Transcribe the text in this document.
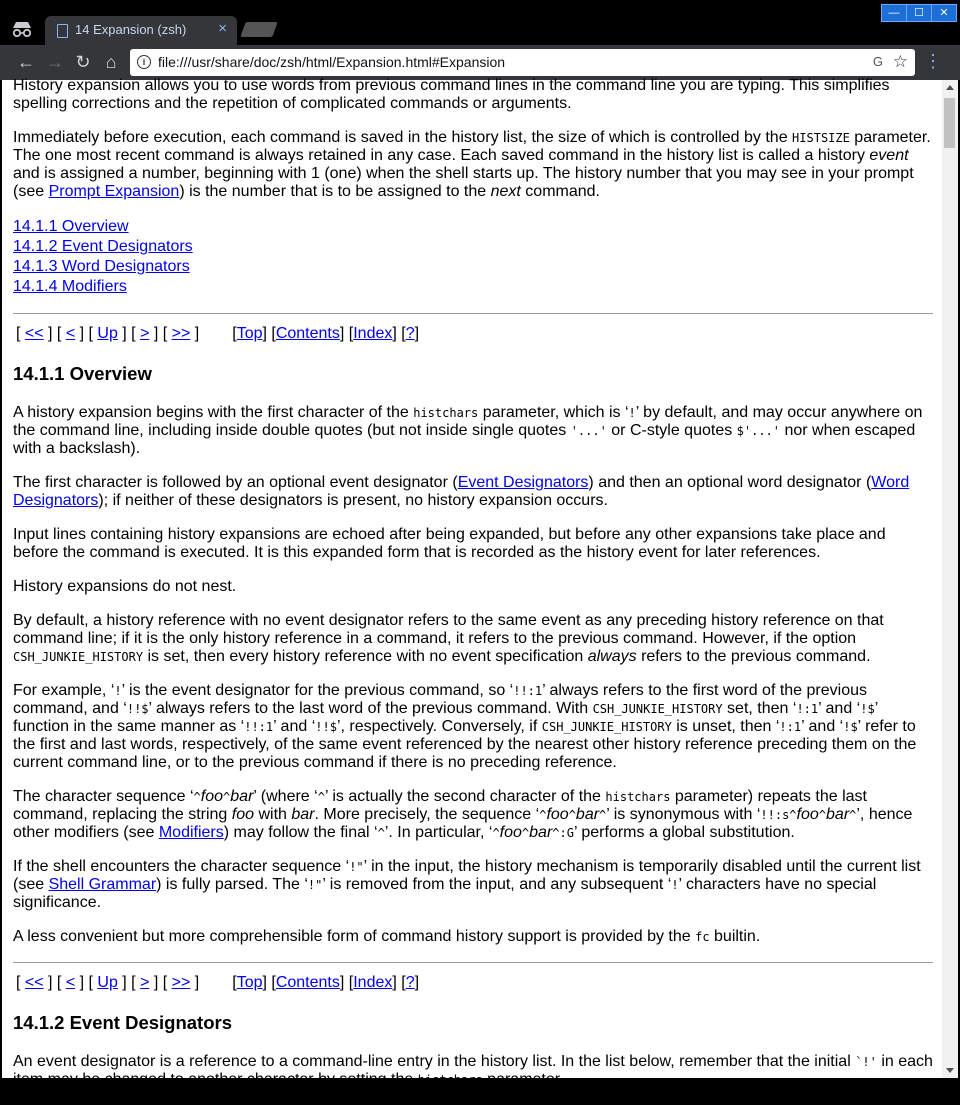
14 Expansion (zsh) ×
—	☐	✕
← → ↻ ⌂	i file:///usr/share/doc/zsh/html/Expansion.html#Expansion	G ☆ ⋮

History expansion allows you to use words from previous command lines in the command line you are typing. This simplifies spelling corrections and the repetition of complicated commands or arguments.

Immediately before execution, each command is saved in the history list, the size of which is controlled by the HISTSIZE parameter. The one most recent command is always retained in any case. Each saved command in the history list is called a history event and is assigned a number, beginning with 1 (one) when the shell starts up. The history number that you may see in your prompt (see Prompt Expansion) is the number that is to be assigned to the next command.

14.1.1 Overview
14.1.2 Event Designators
14.1.3 Word Designators
14.1.4 Modifiers
[ << ] [ < ] [ Up ] [ > ] [ >> ] [Top] [Contents] [Index] [?]
14.1.1 Overview

A history expansion begins with the first character of the histchars parameter, which is ‘!’ by default, and may occur anywhere on the command line, including inside double quotes (but not inside single quotes '...' or C-style quotes $'...' nor when escaped with a backslash).

The first character is followed by an optional event designator (Event Designators) and then an optional word designator (Word Designators); if neither of these designators is present, no history expansion occurs.

Input lines containing history expansions are echoed after being expanded, but before any other expansions take place and before the command is executed. It is this expanded form that is recorded as the history event for later references.

History expansions do not nest.

By default, a history reference with no event designator refers to the same event as any preceding history reference on that command line; if it is the only history reference in a command, it refers to the previous command. However, if the option CSH_JUNKIE_HISTORY is set, then every history reference with no event specification always refers to the previous command.

For example, ‘!’ is the event designator for the previous command, so ‘!!:1’ always refers to the first word of the previous command, and ‘!!$’ always refers to the last word of the previous command. With CSH_JUNKIE_HISTORY set, then ‘!:1’ and ‘!$’ function in the same manner as ‘!!:1’ and ‘!!$’, respectively. Conversely, if CSH_JUNKIE_HISTORY is unset, then ‘!:1’ and ‘!$’ refer to the first and last words, respectively, of the same event referenced by the nearest other history reference preceding them on the current command line, or to the previous command if there is no preceding reference.

The character sequence ‘^foo^bar’ (where ‘^’ is actually the second character of the histchars parameter) repeats the last command, replacing the string foo with bar. More precisely, the sequence ‘^foo^bar^’ is synonymous with ‘!!:s^foo^bar^’, hence other modifiers (see Modifiers) may follow the final ‘^’. In particular, ‘^foo^bar^:G’ performs a global substitution.

If the shell encounters the character sequence ‘!"’ in the input, the history mechanism is temporarily disabled until the current list (see Shell Grammar) is fully parsed. The ‘!"’ is removed from the input, and any subsequent ‘!’ characters have no special significance.

A less convenient but more comprehensible form of command history support is provided by the fc builtin.

[ << ] [ < ] [ Up ] [ > ] [ >> ] [Top] [Contents] [Index] [?]
14.1.2 Event Designators

An event designator is a reference to a command-line entry in the history list. In the list below, remember that the initial `!' in each item may be changed to another character by setting the histchars parameter.
